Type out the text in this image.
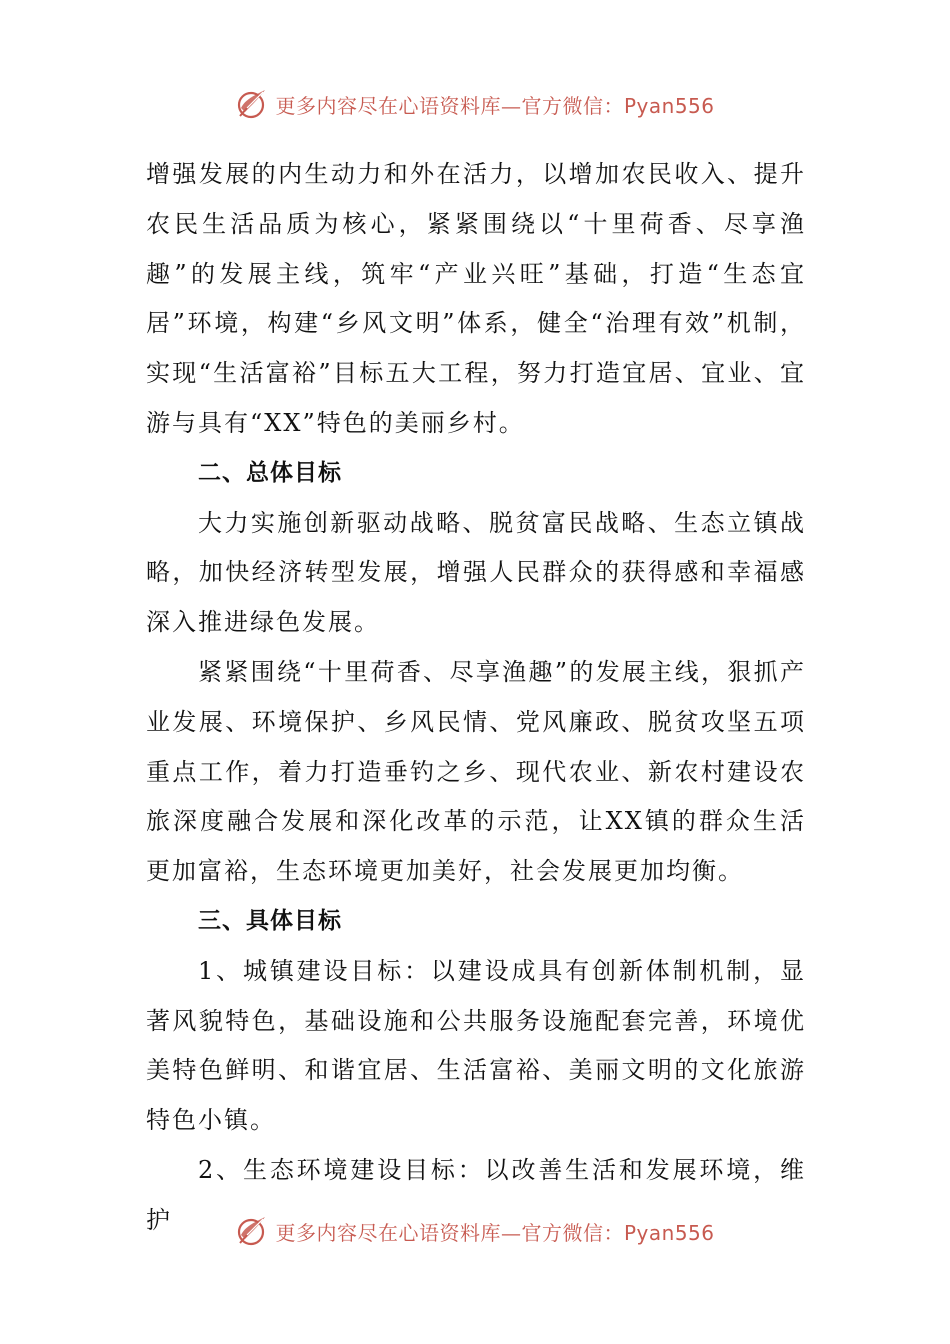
更多内容尽在心语资料库—官方微信：Pyan556

增强发展的内生动力和外在活力，以增加农民收入、提升农民生活品质为核心，紧紧围绕以“十里荷香、尽享渔趣”的发展主线，筑牢“产业兴旺”基础，打造“生态宜居”环境，构建“乡风文明”体系，健全“治理有效”机制，实现“生活富裕”目标五大工程，努力打造宜居、宜业、宜游与具有“XX”特色的美丽乡村。

二、总体目标

大力实施创新驱动战略、脱贫富民战略、生态立镇战略，加快经济转型发展，增强人民群众的获得感和幸福感深入推进绿色发展。

紧紧围绕“十里荷香、尽享渔趣”的发展主线，狠抓产业发展、环境保护、乡风民情、党风廉政、脱贫攻坚五项重点工作，着力打造垂钓之乡、现代农业、新农村建设农旅深度融合发展和深化改革的示范，让XX镇的群众生活更加富裕，生态环境更加美好，社会发展更加均衡。

三、具体目标

1、城镇建设目标：以建设成具有创新体制机制，显著风貌特色，基础设施和公共服务设施配套完善，环境优美特色鲜明、和谐宜居、生活富裕、美丽文明的文化旅游特色小镇。

2、生态环境建设目标：以改善生活和发展环境，维护	更多内容尽在心语资料库—官方微信：Pyan556
